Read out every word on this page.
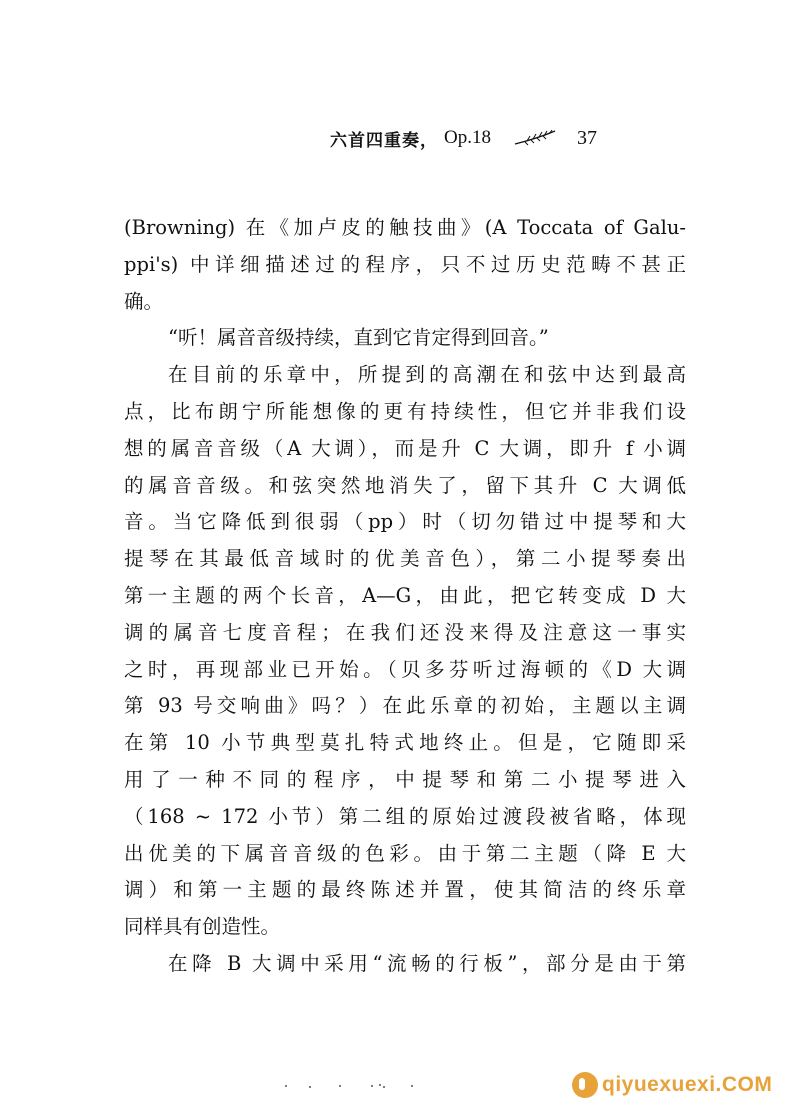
六首四重奏， Op.18	37
(Browning) 在《加卢皮的触技曲》(A Toccata of Galu-
ppi's) 中详细描述过的程序，只不过历史范畴不甚正
确。
“听！属音音级持续，直到它肯定得到回音。”
在目前的乐章中，所提到的高潮在和弦中达到最高
点，比布朗宁所能想像的更有持续性，但它并非我们设
想的属音音级（A 大调），而是升 C 大调，即升 f 小调
的属音音级。和弦突然地消失了，留下其升 C 大调低
音。当它降低到很弱（pp）时（切勿错过中提琴和大
提琴在其最低音域时的优美音色），第二小提琴奏出
第一主题的两个长音，A—G，由此，把它转变成 D 大
调的属音七度音程；在我们还没来得及注意这一事实
之时，再现部业已开始。（贝多芬听过海顿的《D 大调
第 93 号交响曲》吗？）在此乐章的初始，主题以主调
在第 10 小节典型莫扎特式地终止。但是，它随即采
用了一种不同的程序，中提琴和第二小提琴进入
（168 ~ 172 小节）第二组的原始过渡段被省略，体现
出优美的下属音音级的色彩。由于第二主题（降 E 大
调）和第一主题的最终陈述并置，使其简洁的终乐章
同样具有创造性。
在降 B 大调中采用“流畅的行板”，部分是由于第
qiyuexuexi.COM
